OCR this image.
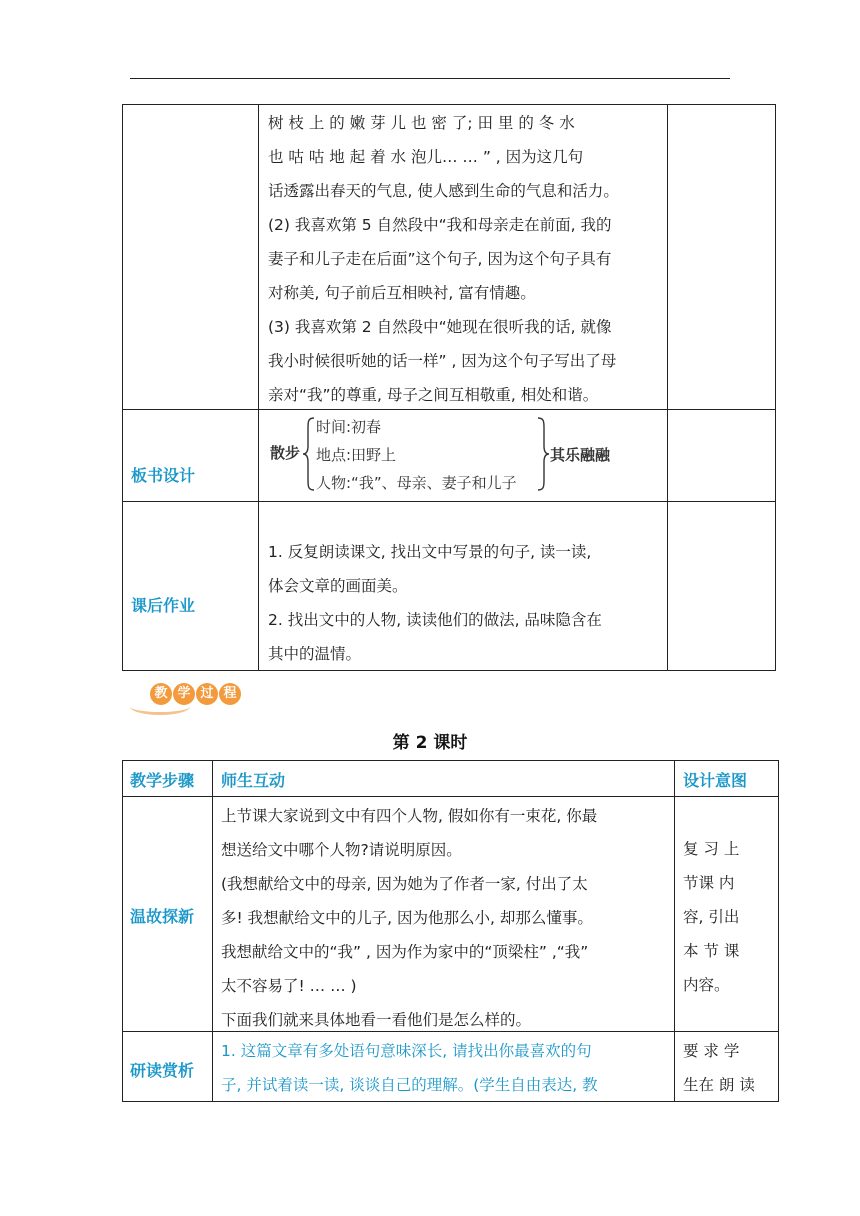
树 枝 上 的 嫩 芽 儿 也 密 了; 田 里 的 冬 水
也 咕 咕 地 起 着 水 泡儿… … ” , 因为这几句
话透露出春天的气息, 使人感到生命的气息和活力。
(2) 我喜欢第 5 自然段中“我和母亲走在前面, 我的
妻子和儿子走在后面”这个句子, 因为这个句子具有
对称美, 句子前后互相映衬, 富有情趣。
(3) 我喜欢第 2 自然段中“她现在很听我的话, 就像
我小时候很听她的话一样” , 因为这个句子写出了母
亲对“我”的尊重, 母子之间互相敬重, 相处和谐。
板书设计
散步
时间:初春
地点:田野上
人物:“我”、母亲、妻子和儿子
其乐融融
课后作业
1. 反复朗读课文, 找出文中写景的句子, 读一读,
体会文章的画面美。
2. 找出文中的人物, 读读他们的做法, 品味隐含在
其中的温情。
教 学 过 程
第 2 课时
教学步骤 师生互动	设计意图
温故探新
上节课大家说到文中有四个人物, 假如你有一束花, 你最
想送给文中哪个人物?请说明原因。
(我想献给文中的母亲, 因为她为了作者一家, 付出了太
多! 我想献给文中的儿子, 因为他那么小, 却那么懂事。
我想献给文中的“我” , 因为作为家中的“顶梁柱” ,“我”
太不容易了! … … )
下面我们就来具体地看一看他们是怎么样的。
复 习 上
节课 内
容, 引出
本 节 课
内容。
研读赏析
1. 这篇文章有多处语句意味深长, 请找出你最喜欢的句
子, 并试着读一读, 谈谈自己的理解。(学生自由表达, 教
要 求 学
生在 朗 读
